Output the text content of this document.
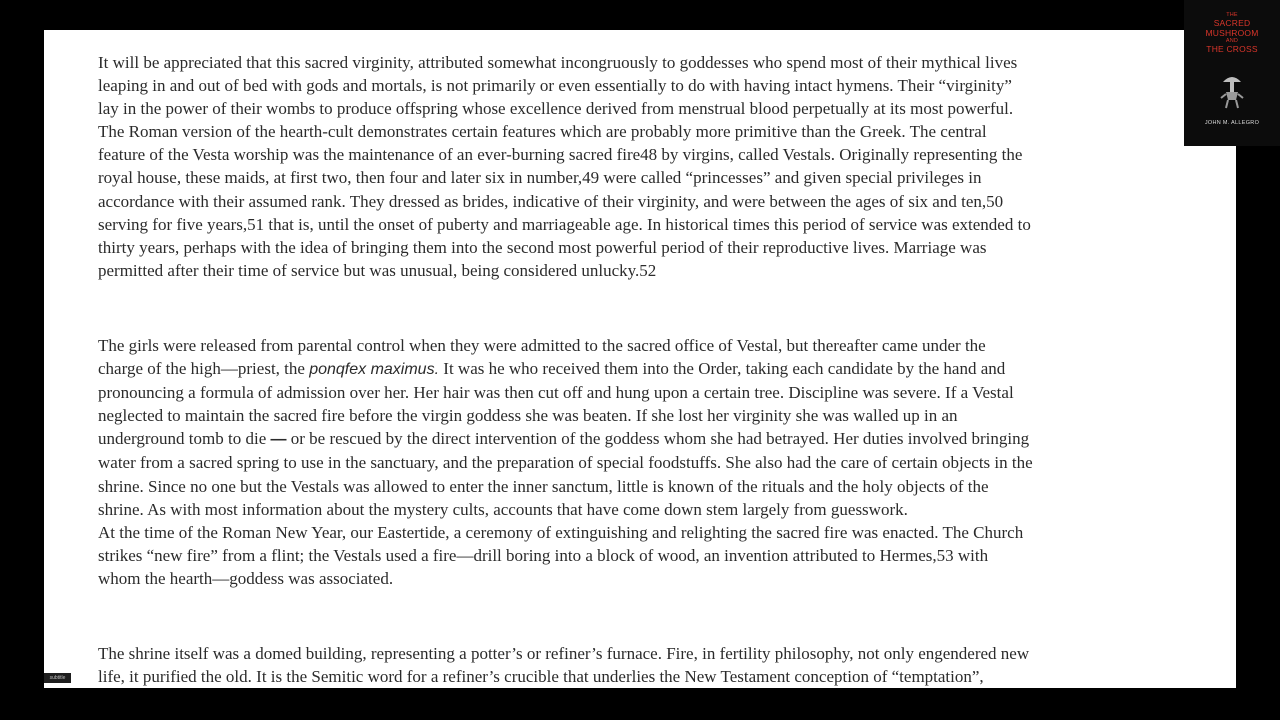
It will be appreciated that this sacred virginity, attributed somewhat incongruously to goddesses who spend most of their mythical lives
leaping in and out of bed with gods and mortals, is not primarily or even essentially to do with having intact hymens. Their “virginity”
lay in the power of their wombs to produce offspring whose excellence derived from menstrual blood perpetually at its most powerful.
The Roman version of the hearth-cult demonstrates certain features which are probably more primitive than the Greek. The central
feature of the Vesta worship was the maintenance of an ever-burning sacred fire48 by virgins, called Vestals. Originally representing the
royal house, these maids, at first two, then four and later six in number,49 were called “princesses” and given special privileges in
accordance with their assumed rank. They dressed as brides, indicative of their virginity, and were between the ages of six and ten,50
serving for five years,51 that is, until the onset of puberty and marriageable age. In historical times this period of service was extended to
thirty years, perhaps with the idea of bringing them into the second most powerful period of their reproductive lives. Marriage was
permitted after their time of service but was unusual, being considered unlucky.52

The girls were released from parental control when they were admitted to the sacred office of Vestal, but thereafter came under the
charge of the high—priest, the ponqfex maximus. It was he who received them into the Order, taking each candidate by the hand and
pronouncing a formula of admission over her. Her hair was then cut off and hung upon a certain tree. Discipline was severe. If a Vestal
neglected to maintain the sacred fire before the virgin goddess she was beaten. If she lost her virginity she was walled up in an
underground tomb to die — or be rescued by the direct intervention of the goddess whom she had betrayed. Her duties involved bringing
water from a sacred spring to use in the sanctuary, and the preparation of special foodstuffs. She also had the care of certain objects in the
shrine. Since no one but the Vestals was allowed to enter the inner sanctum, little is known of the rituals and the holy objects of the
shrine. As with most information about the mystery cults, accounts that have come down stem largely from guesswork.
At the time of the Roman New Year, our Eastertide, a ceremony of extinguishing and relighting the sacred fire was enacted. The Church
strikes “new fire” from a flint; the Vestals used a fire—drill boring into a block of wood, an invention attributed to Hermes,53 with
whom the hearth—goddess was associated.

The shrine itself was a domed building, representing a potter’s or refiner’s furnace. Fire, in fertility philosophy, not only engendered new
life, it purified the old. It is the Semitic word for a refiner’s crucible that underlies the New Testament conception of “temptation”,

THE
SACRED
MUSHROOM
AND
THE CROSS
JOHN M. ALLEGRO
subtitle
